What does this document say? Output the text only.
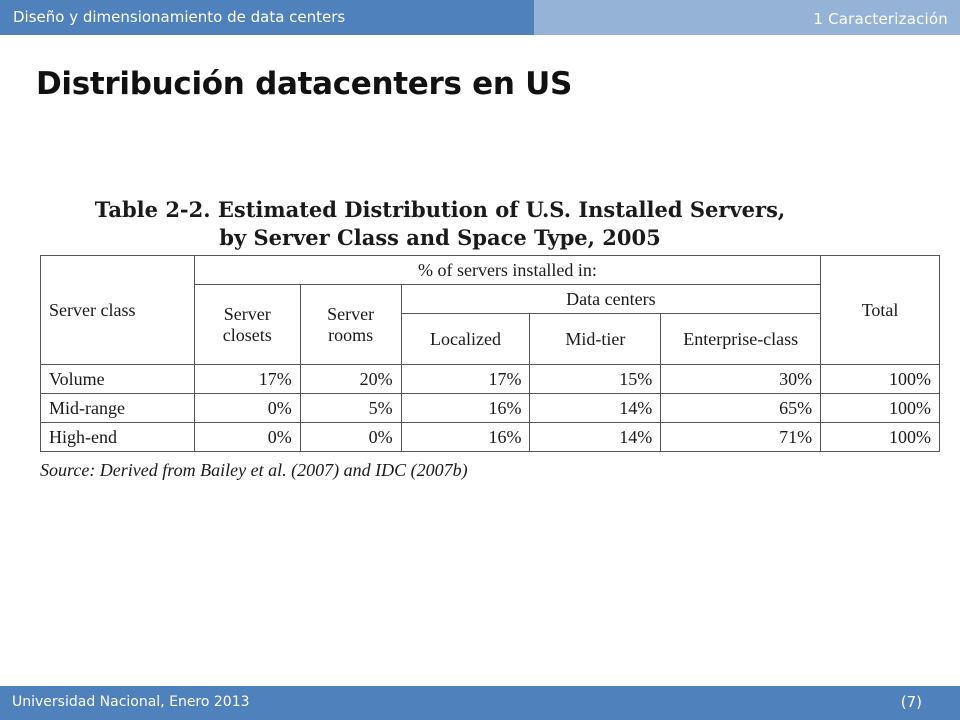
Diseño y dimensionamiento de data centers	1 Caracterización
Distribución datacenters en US
Table 2-2. Estimated Distribution of U.S. Installed Servers,
by Server Class and Space Type, 2005
Server class	% of servers installed in:					Total
	Server closets	Server rooms	Data centers			
			Localized	Mid-tier	Enterprise-class	
Volume	17%	20%	17%	15%	30%	100%
Mid-range	0%	5%	16%	14%	65%	100%
High-end	0%	0%	16%	14%	71%	100%
Source: Derived from Bailey et al. (2007) and IDC (2007b)
Universidad Nacional, Enero 2013	(7)
